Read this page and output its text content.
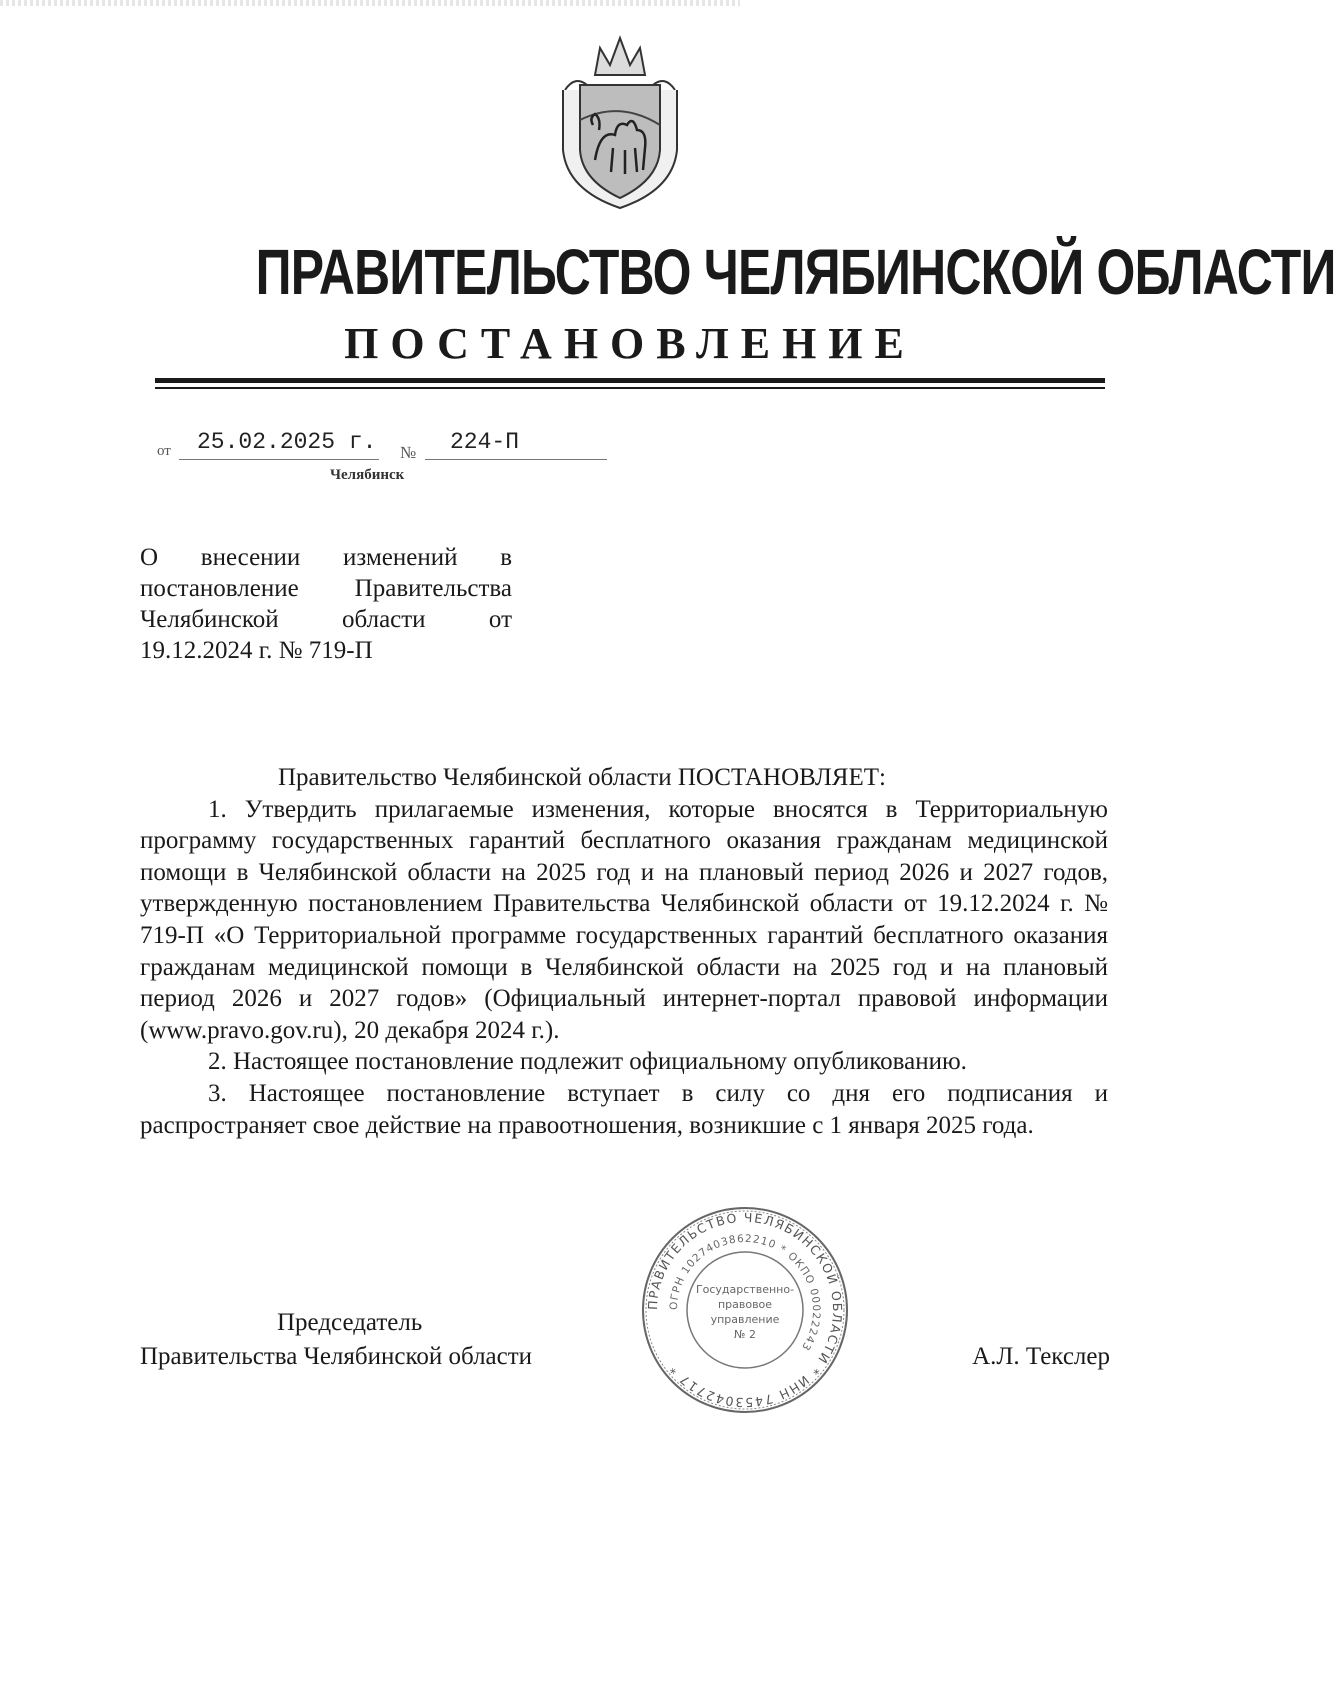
ПРАВИТЕЛЬСТВО ЧЕЛЯБИНСКОЙ ОБЛАСТИ
ПОСТАНОВЛЕНИЕ
от 25.02.2025 г. № 224-П
Челябинск
О внесении изменений в постановление Правительства Челябинской области от 19.12.2024 г. № 719-П

Правительство Челябинской области ПОСТАНОВЛЯЕТ:

1. Утвердить прилагаемые изменения, которые вносятся в Территориальную программу государственных гарантий бесплатного оказания гражданам медицинской помощи в Челябинской области на 2025 год и на плановый период 2026 и 2027 годов, утвержденную постановлением Правительства Челябинской области от 19.12.2024 г. № 719-П «О Территориальной программе государственных гарантий бесплатного оказания гражданам медицинской помощи в Челябинской области на 2025 год и на плановый период 2026 и 2027 годов» (Официальный интернет-портал правовой информации (www.pravo.gov.ru), 20 декабря 2024 г.).

2. Настоящее постановление подлежит официальному опубликованию.

3. Настоящее постановление вступает в силу со дня его подписания и распространяет свое действие на правоотношения, возникшие с 1 января 2025 года.

Председатель
Правительства Челябинской области
ПРАВИТЕЛЬСТВО ЧЕЛЯБИНСКОЙ ОБЛАСТИ * ИНН 7453042717 *
ОГРН 1027403862210 * ОКПО 00022243
Государственно-
правовое
управление
№ 2
А.Л. Текслер
